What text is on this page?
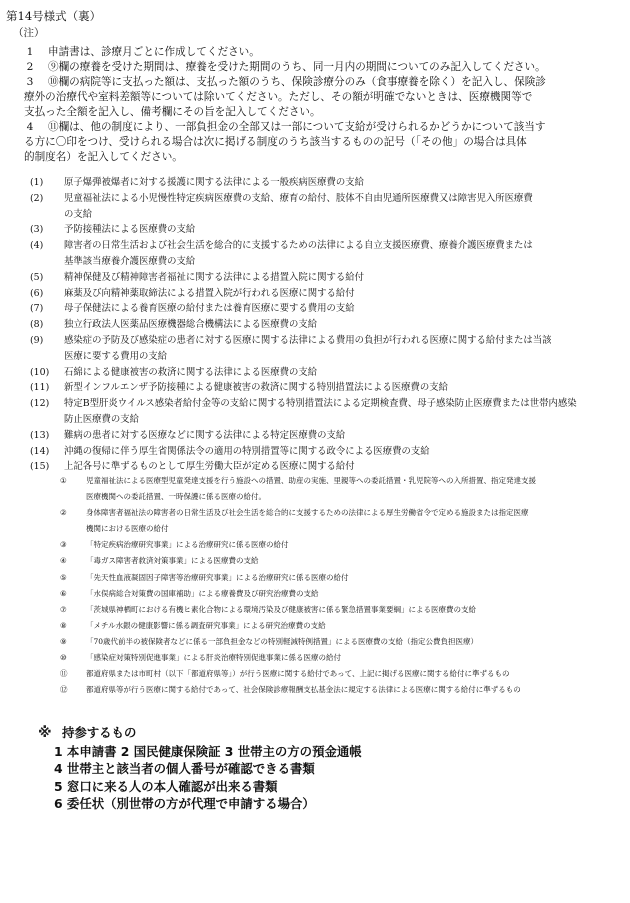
第14号様式（裏）
（注）
1	申請書は、診療月ごとに作成してください。
2	⑨欄の療養を受けた期間は、療養を受けた期間のうち、同一月内の期間についてのみ記入してください。
3	⑩欄の病院等に支払った額は、支払った額のうち、保険診療分のみ（食事療養を除く）を記入し、保険診
療外の治療代や室料差額等については除いてください。ただし、その額が明確でないときは、医療機関等で
支払った全額を記入し、備考欄にその旨を記入してください。
4	⑪欄は、他の制度により、一部負担金の全部又は一部について支給が受けられるかどうかについて該当す
る方に〇印をつけ、受けられる場合は次に掲げる制度のうち該当するものの記号（「その他」の場合は具体
的制度名）を記入してください。
(1)	原子爆弾被爆者に対する援護に関する法律による一般疾病医療費の支給
(2)	児童福祉法による小児慢性特定疾病医療費の支給、療育の給付、肢体不自由児通所医療費又は障害児入所医療費
の支給
(3)	予防接種法による医療費の支給
(4)	障害者の日常生活および社会生活を総合的に支援するための法律による自立支援医療費、療養介護医療費または
基準該当療養介護医療費の支給
(5)	精神保健及び精神障害者福祉に関する法律による措置入院に関する給付
(6)	麻薬及び向精神薬取締法による措置入院が行われる医療に関する給付
(7)	母子保健法による養育医療の給付または養育医療に要する費用の支給
(8)	独立行政法人医薬品医療機器総合機構法による医療費の支給
(9)	感染症の予防及び感染症の患者に対する医療に関する法律による費用の負担が行われる医療に関する給付または当該
医療に要する費用の支給
(10)	石綿による健康被害の救済に関する法律による医療費の支給
(11)	新型インフルエンザ予防接種による健康被害の救済に関する特別措置法による医療費の支給
(12)	特定B型肝炎ウイルス感染者給付金等の支給に関する特別措置法による定期検査費、母子感染防止医療費または世帯内感染
防止医療費の支給
(13)	難病の患者に対する医療などに関する法律による特定医療費の支給
(14)	沖縄の復帰に伴う厚生省関係法令の適用の特別措置等に関する政令による医療費の支給
(15)	上記各号に準ずるものとして厚生労働大臣が定める医療に関する給付
①	児童福祉法による医療型児童発達支援を行う施設への措置、助産の実施、里親等への委託措置・乳児院等への入所措置、指定発達支援
医療機関への委託措置、一時保護に係る医療の給付。
②	身体障害者福祉法の障害者の日常生活及び社会生活を総合的に支援するための法律による厚生労働省令で定める施設または指定医療
機関における医療の給付
③	「特定疾病治療研究事業」による治療研究に係る医療の給付
④	「毒ガス障害者救済対策事業」による医療費の支給
⑤	「先天性血液凝固因子障害等治療研究事業」による治療研究に係る医療の給付
⑥	「水俣病総合対策費の国庫補助」による療養費及び研究治療費の支給
⑦	「茨城県神栖町における有機ヒ素化合物による環境汚染及び健康被害に係る緊急措置事業要綱」による医療費の支給
⑧	「メチル水銀の健康影響に係る調査研究事業」による研究治療費の支給
⑨	「70歳代前半の被保険者などに係る一部負担金などの特別軽減特例措置」による医療費の支給（指定公費負担医療）
⑩	「感染症対策特別促進事業」による肝炎治療特別促進事業に係る医療の給付
⑪	都道府県または市町村（以下「都道府県等」）が行う医療に関する給付であって、上記に掲げる医療に関する給付に準ずるもの
⑫	都道府県等が行う医療に関する給付であって、社会保険診療報酬支払基金法に規定する法律による医療に関する給付に準ずるもの
※ 持参するもの
1 本申請書 2 国民健康保険証 3 世帯主の方の預金通帳
4 世帯主と該当者の個人番号が確認できる書類
5 窓口に来る人の本人確認が出来る書類
6 委任状（別世帯の方が代理で申請する場合）
